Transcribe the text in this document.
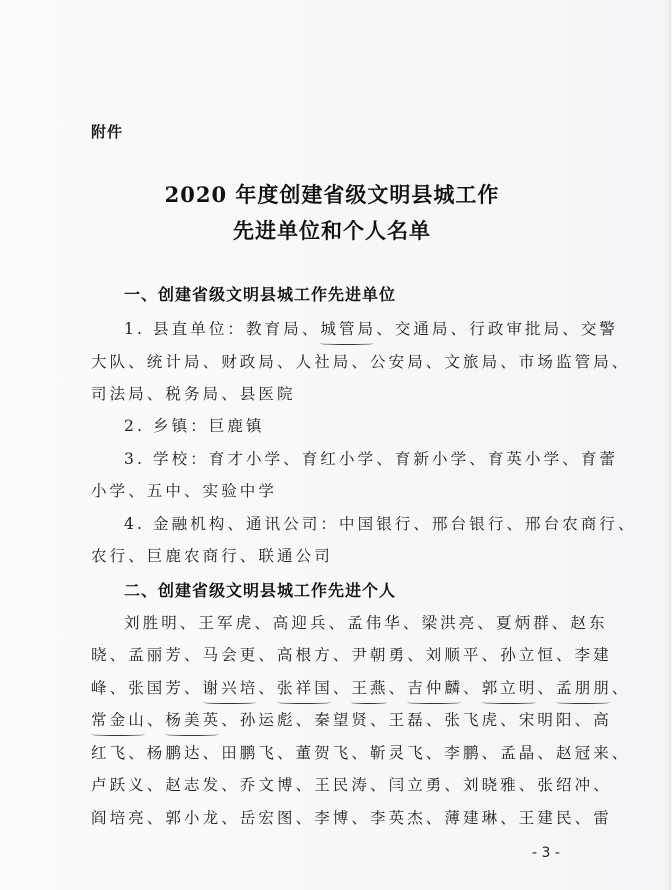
附件
2020 年度创建省级文明县城工作
先进单位和个人名单
一、创建省级文明县城工作先进单位
1. 县直单位：教育局、城管局、交通局、行政审批局、交警
大队、统计局、财政局、人社局、公安局、文旅局、市场监管局、
司法局、税务局、县医院
2. 乡镇：巨鹿镇
3. 学校：育才小学、育红小学、育新小学、育英小学、育蕾
小学、五中、实验中学
4. 金融机构、通讯公司：中国银行、邢台银行、邢台农商行、
农行、巨鹿农商行、联通公司
二、创建省级文明县城工作先进个人
刘胜明、王军虎、高迎兵、孟伟华、梁洪亮、夏炳群、赵东
晓、孟丽芳、马会更、高根方、尹朝勇、刘顺平、孙立恒、李建
峰、张国芳、谢兴培、张祥国、王燕、吉仲麟、郭立明、孟朋朋、
常金山、杨美英、孙运彪、秦望贤、王磊、张飞虎、宋明阳、高
红飞、杨鹏达、田鹏飞、董贺飞、靳灵飞、李鹏、孟晶、赵冠来、
卢跃义、赵志发、乔文博、王民涛、闫立勇、刘晓雅、张绍冲、
阎培亮、郭小龙、岳宏图、李博、李英杰、薄建琳、王建民、雷
- 3 -
